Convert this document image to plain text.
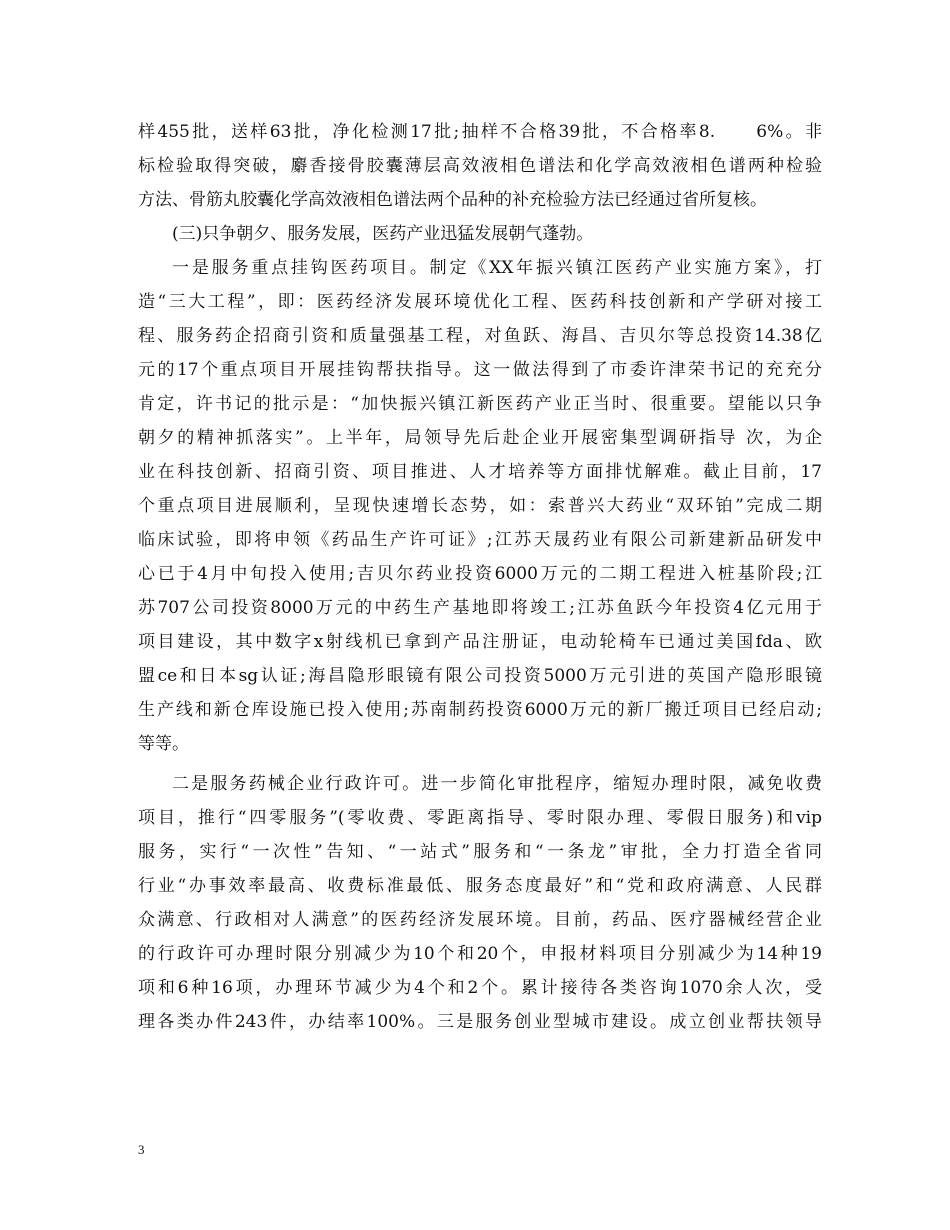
样455批，送样63批，净化检测17批;抽样不合格39批，不合格率8.　　6%。非
标检验取得突破，麝香接骨胶囊薄层高效液相色谱法和化学高效液相色谱两种检验
方法、骨筋丸胶囊化学高效液相色谱法两个品种的补充检验方法已经通过省所复核。
(三)只争朝夕、服务发展，医药产业迅猛发展朝气蓬勃。
一是服务重点挂钩医药项目。制定《XX年振兴镇江医药产业实施方案》，打
造“三大工程”，即：医药经济发展环境优化工程、医药科技创新和产学研对接工
程、服务药企招商引资和质量强基工程，对鱼跃、海昌、吉贝尔等总投资14.38亿
元的17个重点项目开展挂钩帮扶指导。这一做法得到了市委许津荣书记的充充分
肯定，许书记的批示是：“加快振兴镇江新医药产业正当时、很重要。望能以只争
朝夕的精神抓落实”。上半年，局领导先后赴企业开展密集型调研指导 次，为企
业在科技创新、招商引资、项目推进、人才培养等方面排忧解难。截止目前，17
个重点项目进展顺利，呈现快速增长态势，如：索普兴大药业“双环铂”完成二期
临床试验，即将申领《药品生产许可证》;江苏天晟药业有限公司新建新品研发中
心已于4月中旬投入使用;吉贝尔药业投资6000万元的二期工程进入桩基阶段;江
苏707公司投资8000万元的中药生产基地即将竣工;江苏鱼跃今年投资4亿元用于
项目建设，其中数字x射线机已拿到产品注册证，电动轮椅车已通过美国fda、欧
盟ce和日本sg认证;海昌隐形眼镜有限公司投资5000万元引进的英国产隐形眼镜
生产线和新仓库设施已投入使用;苏南制药投资6000万元的新厂搬迁项目已经启动;
等等。
二是服务药械企业行政许可。进一步简化审批程序，缩短办理时限，减免收费
项目，推行“四零服务”(零收费、零距离指导、零时限办理、零假日服务)和vip
服务，实行“一次性”告知、“一站式”服务和“一条龙”审批，全力打造全省同
行业“办事效率最高、收费标准最低、服务态度最好”和“党和政府满意、人民群
众满意、行政相对人满意”的医药经济发展环境。目前，药品、医疗器械经营企业
的行政许可办理时限分别减少为10个和20个，申报材料项目分别减少为14种19
项和6种16项，办理环节减少为4个和2个。累计接待各类咨询1070余人次，受
理各类办件243件，办结率100%。三是服务创业型城市建设。成立创业帮扶领导
3
